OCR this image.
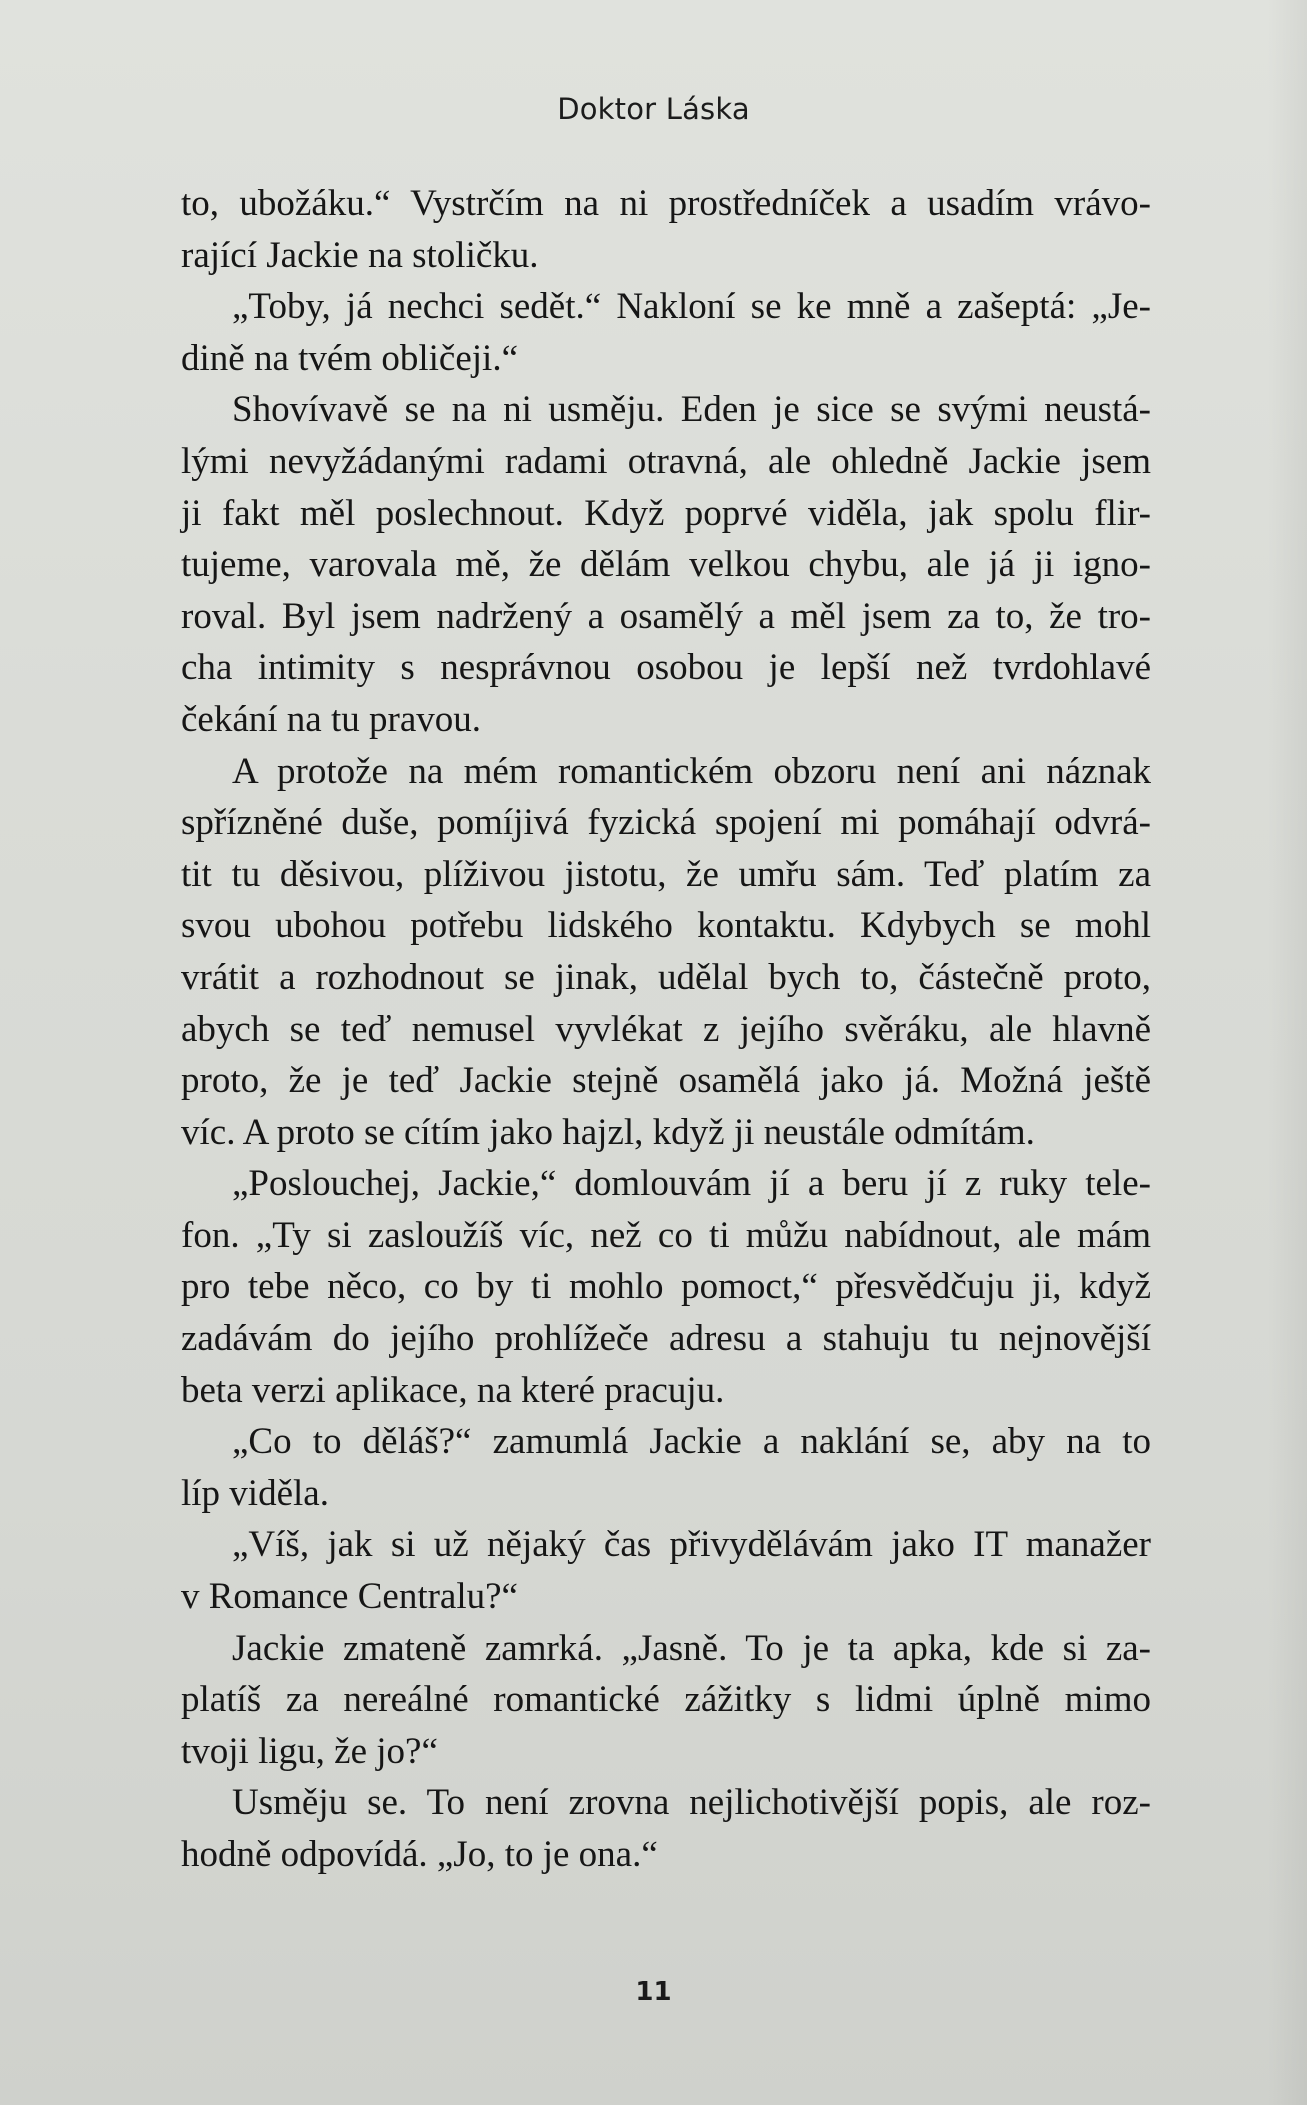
Doktor Láska
to, ubožáku.“ Vystrčím na ni prostředníček a usadím vrávo-
rající Jackie na stoličku.
„Toby, já nechci sedět.“ Nakloní se ke mně a zašeptá: „Je-
dině na tvém obličeji.“
Shovívavě se na ni usměju. Eden je sice se svými neustá-
lými nevyžádanými radami otravná, ale ohledně Jackie jsem
ji fakt měl poslechnout. Když poprvé viděla, jak spolu flir-
tujeme, varovala mě, že dělám velkou chybu, ale já ji igno-
roval. Byl jsem nadržený a osamělý a měl jsem za to, že tro-
cha intimity s nesprávnou osobou je lepší než tvrdohlavé
čekání na tu pravou.
A protože na mém romantickém obzoru není ani náznak
spřízněné duše, pomíjivá fyzická spojení mi pomáhají odvrá-
tit tu děsivou, plíživou jistotu, že umřu sám. Teď platím za
svou ubohou potřebu lidského kontaktu. Kdybych se mohl
vrátit a rozhodnout se jinak, udělal bych to, částečně proto,
abych se teď nemusel vyvlékat z jejího svěráku, ale hlavně
proto, že je teď Jackie stejně osamělá jako já. Možná ještě
víc. A proto se cítím jako hajzl, když ji neustále odmítám.
„Poslouchej, Jackie,“ domlouvám jí a beru jí z ruky tele-
fon. „Ty si zasloužíš víc, než co ti můžu nabídnout, ale mám
pro tebe něco, co by ti mohlo pomoct,“ přesvědčuju ji, když
zadávám do jejího prohlížeče adresu a stahuju tu nejnovější
beta verzi aplikace, na které pracuju.
„Co to děláš?“ zamumlá Jackie a naklání se, aby na to
líp viděla.
„Víš, jak si už nějaký čas přivydělávám jako IT manažer
v Romance Centralu?“
Jackie zmateně zamrká. „Jasně. To je ta apka, kde si za-
platíš za nereálné romantické zážitky s lidmi úplně mimo
tvoji ligu, že jo?“
Usměju se. To není zrovna nejlichotivější popis, ale roz-
hodně odpovídá. „Jo, to je ona.“
11
